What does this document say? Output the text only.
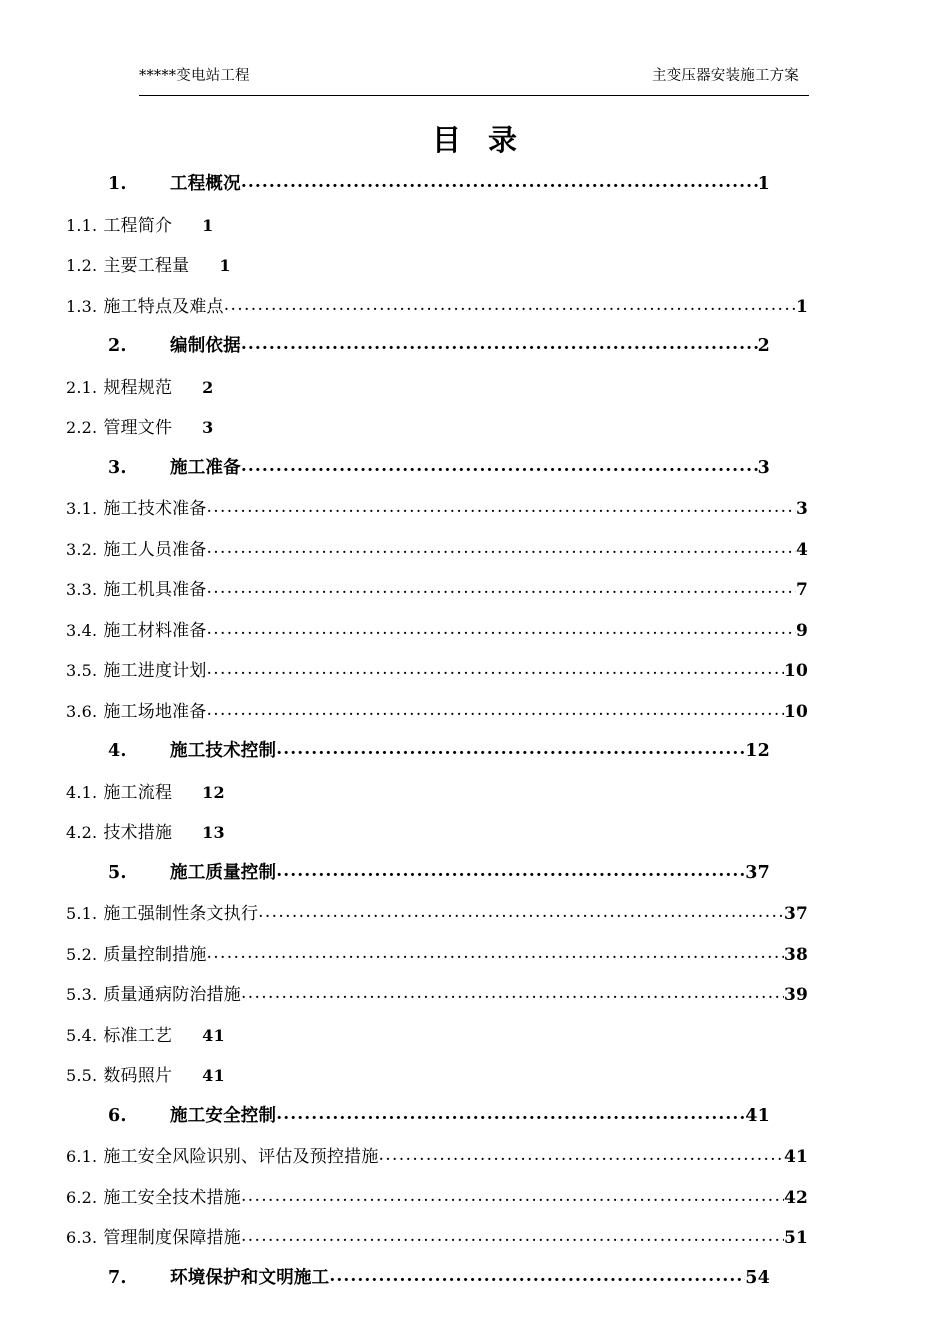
*****变电站工程	主变压器安装施工方案
目 录
1.	工程概况 .....	1
1.1. 工程简介 1
1.2. 主要工程量 1
1.3. 施工特点及难点 .....	1
2.	编制依据 .....	2
2.1. 规程规范 2
2.2. 管理文件 3
3.	施工准备 .....	3
3.1. 施工技术准备 .....	3
3.2. 施工人员准备 .....	4
3.3. 施工机具准备 .....	7
3.4. 施工材料准备 .....	9
3.5. 施工进度计划 .....	10
3.6. 施工场地准备 .....	10
4.	施工技术控制 .....	12
4.1. 施工流程 12
4.2. 技术措施 13
5.	施工质量控制 .....	37
5.1. 施工强制性条文执行 .....	37
5.2. 质量控制措施 .....	38
5.3. 质量通病防治措施 .....	39
5.4. 标准工艺 41
5.5. 数码照片 41
6.	施工安全控制 .....	41
6.1. 施工安全风险识别、评估及预控措施 .....	41
6.2. 施工安全技术措施 .....	42
6.3. 管理制度保障措施 .....	51
7.	环境保护和文明施工 .....	54
